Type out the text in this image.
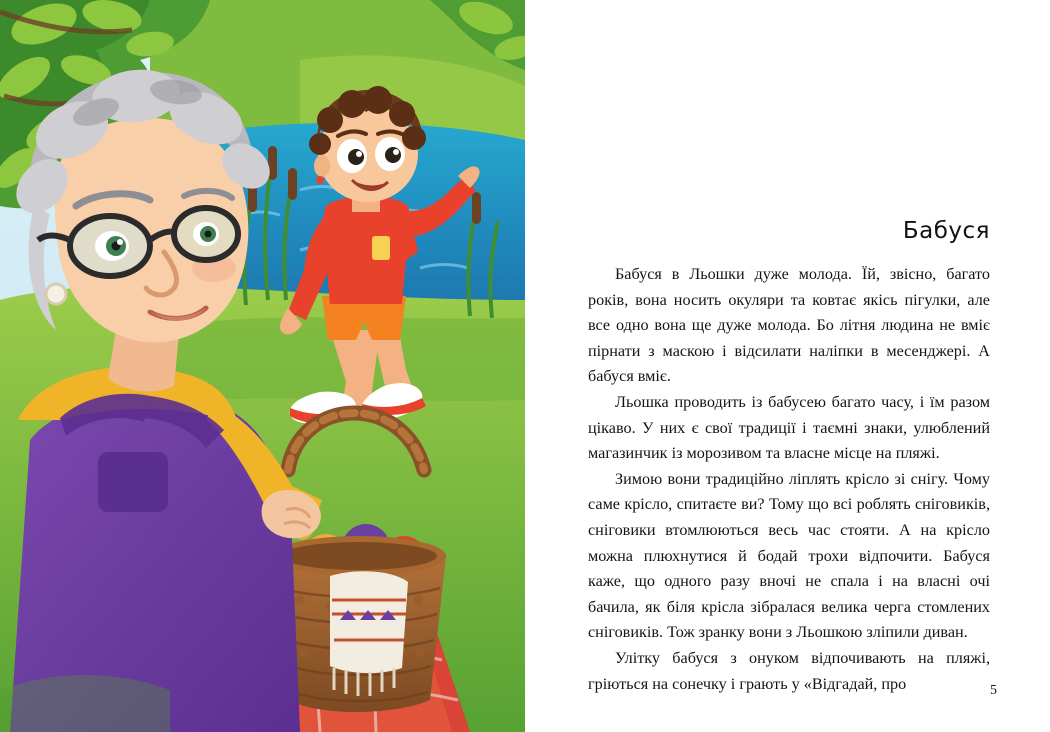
Бабуся

Бабуся в Льошки дуже молода. Їй, звісно, багато років, вона носить окуляри та ковтає якісь пігулки, але все одно вона ще дуже молода. Бо літня людина не вміє пірнати з маскою і відсилати наліпки в месенджері. А бабуся вміє.

Льошка проводить із бабусею багато часу, і їм разом цікаво. У них є свої традиції і таємні знаки, улюблений магазинчик із морозивом та власне місце на пляжі.

Зимою вони традиційно ліплять крісло зі снігу. Чому саме крісло, спитаєте ви? Тому що всі роблять сніговиків, сніговики втомлюються весь час стояти. А на крісло можна плюхнутися й бодай трохи відпочити. Бабуся каже, що одного разу вночі не спала і на власні очі бачила, як біля крісла зібралася велика черга стомлених сніговиків. Тож зранку вони з Льошкою зліпили диван.

Улітку бабуся з онуком відпочивають на пляжі, гріються на сонечку і грають у «Відгадай, про	5
